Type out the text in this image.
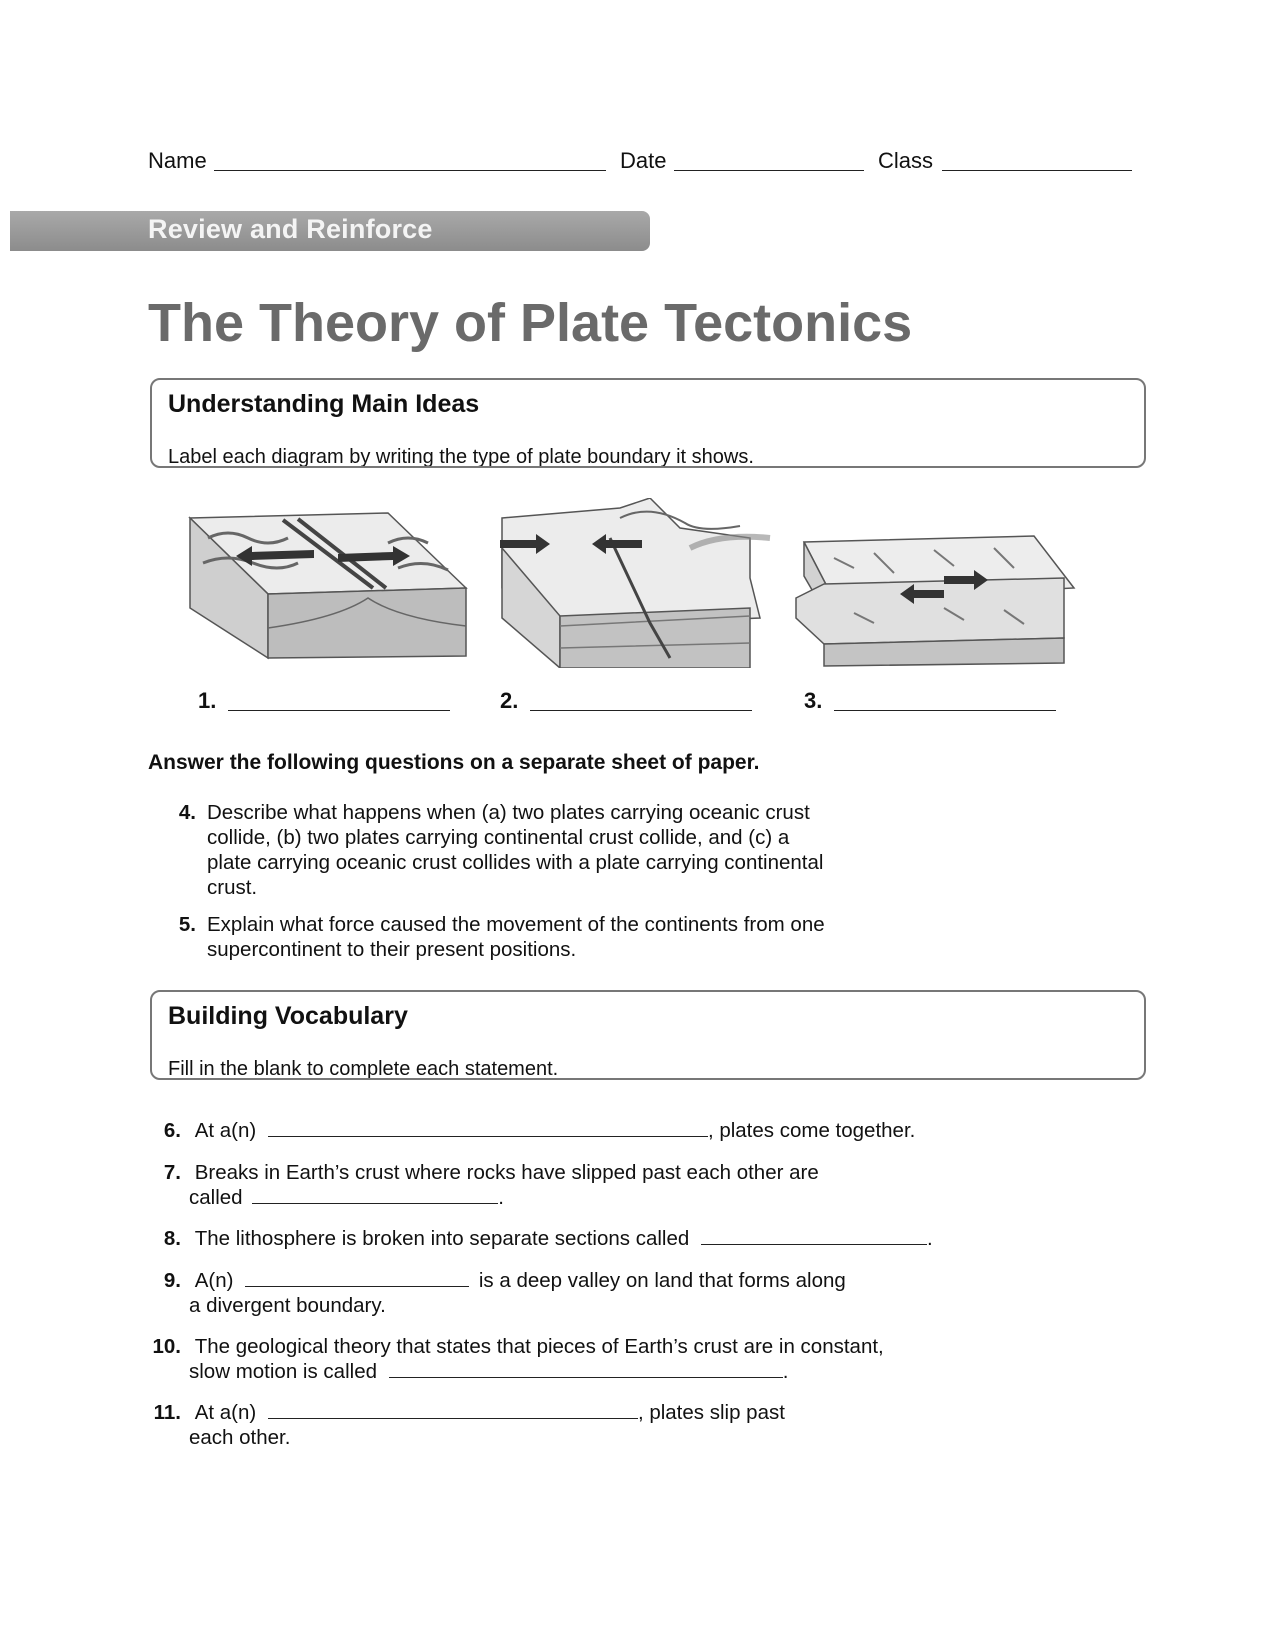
Name	Date	Class
Review and Reinforce
The Theory of Plate Tectonics
Understanding Main Ideas
Label each diagram by writing the type of plate boundary it shows.
1.	2.	3.
Answer the following questions on a separate sheet of paper.
4. Describe what happens when (a) two plates carrying oceanic crust
collide, (b) two plates carrying continental crust collide, and (c) a
plate carrying oceanic crust collides with a plate carrying continental
crust.
5. Explain what force caused the movement of the continents from one
supercontinent to their present positions.
Building Vocabulary
Fill in the blank to complete each statement.
6. At a(n)	, plates come together.
7. Breaks in Earth’s crust where rocks have slipped past each other are
called	.
8. The lithosphere is broken into separate sections called	.
9. A(n)	is a deep valley on land that forms along
a divergent boundary.
10. The geological theory that states that pieces of Earth’s crust are in constant,
slow motion is called	.
11. At a(n)	, plates slip past
each other.
